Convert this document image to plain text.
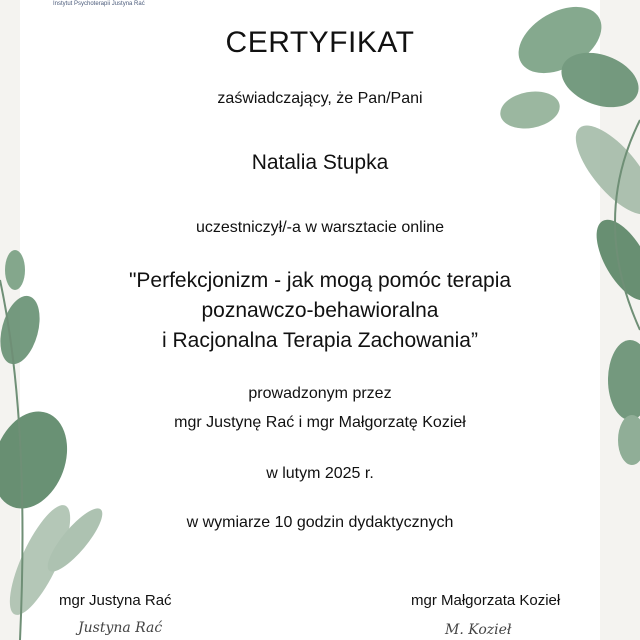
Instytut Psychoterapii Justyna Rać
CERTYFIKAT
zaświadczający, że Pan/Pani
Natalia Stupka
uczestniczył/-a w warsztacie online
"Perfekcjonizm - jak mogą pomóc terapia
poznawczo-behawioralna
i Racjonalna Terapia Zachowania”
prowadzonym przez
mgr Justynę Rać i mgr Małgorzatę Kozieł
w lutym 2025 r.
w wymiarze 10 godzin dydaktycznych
mgr Justyna Rać
Justyna Rać
mgr Małgorzata Kozieł
M. Kozieł
